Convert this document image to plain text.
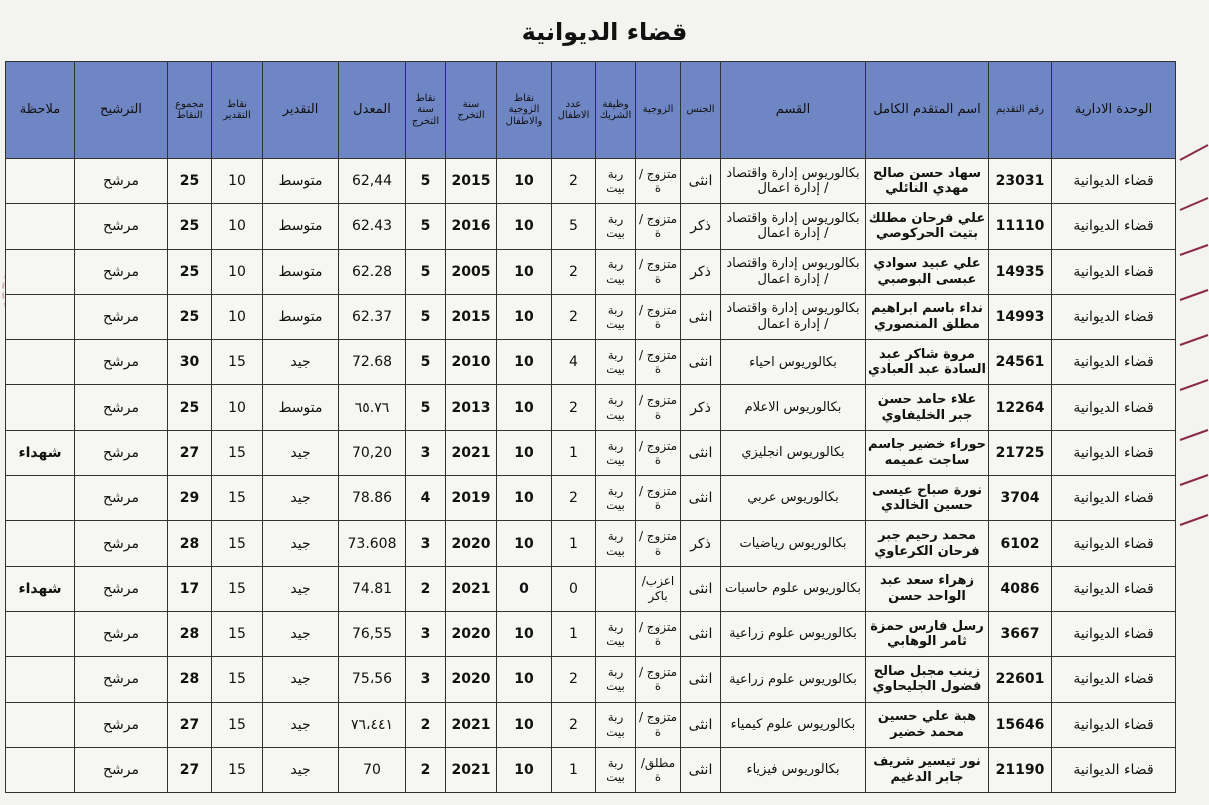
قضاء الديوانية
الوحدة الادارية	رقم التقديم	اسم المتقدم الكامل	القسم	الجنس	الزوجية	وظيفة الشريك	عدد الاطفال	نقاط الزوجية والاطفال	سنة التخرج	نقاط سنة التخرج	المعدل	التقدير	نقاط التقدير	مجموع النقاط	الترشيح	ملاحظة
قضاء الديوانية	23031	سهاد حسن صالح مهدي النائلي	بكالوريوس إدارة واقتصاد / إدارة اعمال	انثى	متزوج /ة	ربة بيت	2	10	2015	5	62,44	متوسط	10	25	مرشح	
قضاء الديوانية	11110	علي فرحان مطلك بتيت الحركوصي	بكالوريوس إدارة واقتصاد / إدارة اعمال	ذكر	متزوج /ة	ربة بيت	5	10	2016	5	62.43	متوسط	10	25	مرشح	
قضاء الديوانية	14935	علي عبيد سوادي عبسى البوصبي	بكالوريوس إدارة واقتصاد / إدارة اعمال	ذكر	متزوج /ة	ربة بيت	2	10	2005	5	62.28	متوسط	10	25	مرشح	
قضاء الديوانية	14993	نداء باسم ابراهيم مطلق المنصوري	بكالوريوس إدارة واقتصاد / إدارة اعمال	انثى	متزوج /ة	ربة بيت	2	10	2015	5	62.37	متوسط	10	25	مرشح	
قضاء الديوانية	24561	مروة شاكر عبد السادة عبد العبادي	بكالوريوس احياء	انثى	متزوج /ة	ربة بيت	4	10	2010	5	72.68	جيد	15	30	مرشح	
قضاء الديوانية	12264	علاء حامد حسن جبر الخليفاوي	بكالوريوس الاعلام	ذكر	متزوج /ة	ربة بيت	2	10	2013	5	٦٥.٧٦	متوسط	10	25	مرشح	
قضاء الديوانية	21725	حوراء خضير جاسم ساجت عميمه	بكالوريوس انجليزي	انثى	متزوج /ة	ربة بيت	1	10	2021	3	70,20	جيد	15	27	مرشح	شهداء
قضاء الديوانية	3704	نورة صباح عيسى حسين الخالدي	بكالوريوس عربي	انثى	متزوج /ة	ربة بيت	2	10	2019	4	78.86	جيد	15	29	مرشح	
قضاء الديوانية	6102	محمد رحيم جبر فرحان الكرعاوي	بكالوريوس رياضيات	ذكر	متزوج /ة	ربة بيت	1	10	2020	3	73.608	جيد	15	28	مرشح	
قضاء الديوانية	4086	زهراء سعد عبد الواحد حسن	بكالوريوس علوم حاسبات	انثى	اعزب/ باكر		0	0	2021	2	74.81	جيد	15	17	مرشح	شهداء
قضاء الديوانية	3667	رسل فارس حمزة ثامر الوهابي	بكالوريوس علوم زراعية	انثى	متزوج /ة	ربة بيت	1	10	2020	3	76,55	جيد	15	28	مرشح	
قضاء الديوانية	22601	زينب مجبل صالح فضول الجليحاوي	بكالوريوس علوم زراعية	انثى	متزوج /ة	ربة بيت	2	10	2020	3	75،56	جيد	15	28	مرشح	
قضاء الديوانية	15646	هبة علي حسين محمد خضير	بكالوريوس علوم كيمياء	انثى	متزوج /ة	ربة بيت	2	10	2021	2	٧٦،٤٤١	جيد	15	27	مرشح	
قضاء الديوانية	21190	نور تيسير شريف جابر الدغيم	بكالوريوس فيزياء	انثى	مطلق/ ة	ربة بيت	1	10	2021	2	70	جيد	15	27	مرشح	
